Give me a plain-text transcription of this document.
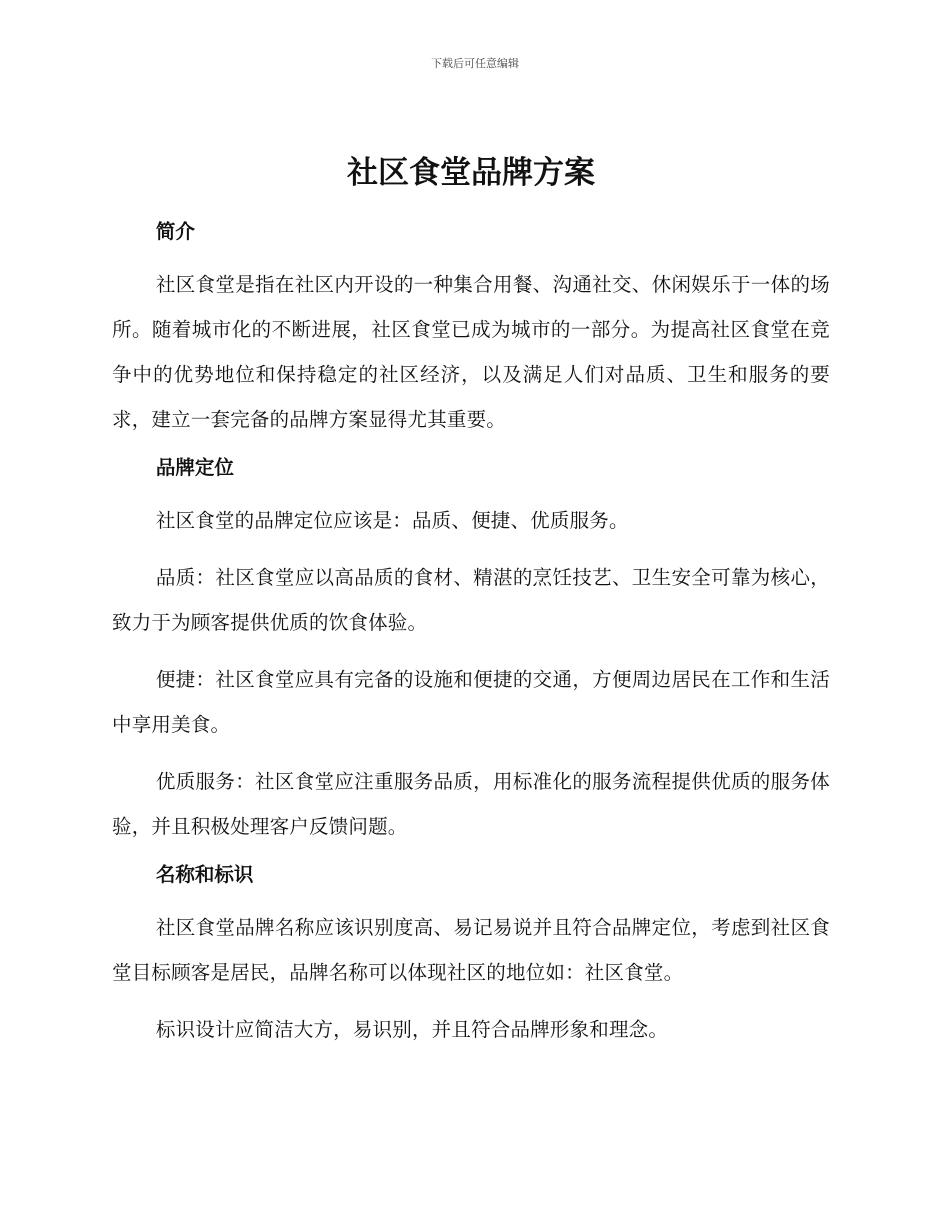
下载后可任意编辑
社区食堂品牌方案
简介

社区食堂是指在社区内开设的一种集合用餐、沟通社交、休闲娱乐于一体的场所。随着城市化的不断进展，社区食堂已成为城市的一部分。为提高社区食堂在竞争中的优势地位和保持稳定的社区经济，以及满足人们对品质、卫生和服务的要求，建立一套完备的品牌方案显得尤其重要。

品牌定位

社区食堂的品牌定位应该是：品质、便捷、优质服务。

品质：社区食堂应以高品质的食材、精湛的烹饪技艺、卫生安全可靠为核心，致力于为顾客提供优质的饮食体验。

便捷：社区食堂应具有完备的设施和便捷的交通，方便周边居民在工作和生活中享用美食。

优质服务：社区食堂应注重服务品质，用标准化的服务流程提供优质的服务体验，并且积极处理客户反馈问题。

名称和标识

社区食堂品牌名称应该识别度高、易记易说并且符合品牌定位，考虑到社区食堂目标顾客是居民，品牌名称可以体现社区的地位如：社区食堂。

标识设计应简洁大方，易识别，并且符合品牌形象和理念。
